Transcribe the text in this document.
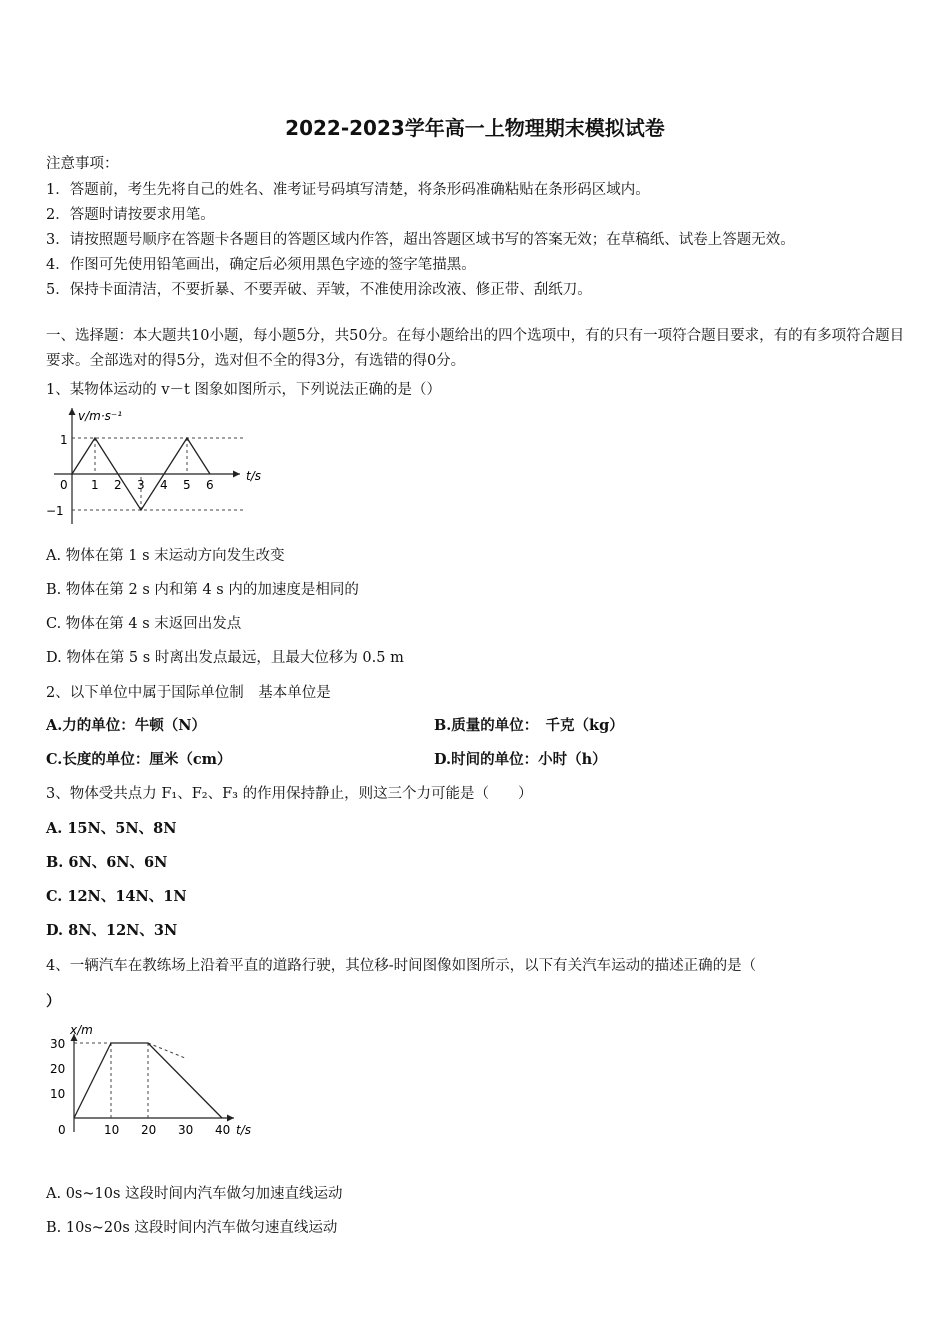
2022-2023学年高一上物理期末模拟试卷
注意事项：
1．答题前，考生先将自己的姓名、准考证号码填写清楚，将条形码准确粘贴在条形码区域内。
2．答题时请按要求用笔。
3．请按照题号顺序在答题卡各题目的答题区域内作答，超出答题区域书写的答案无效；在草稿纸、试卷上答题无效。
4．作图可先使用铅笔画出，确定后必须用黑色字迹的签字笔描黑。
5．保持卡面清洁，不要折暴、不要弄破、弄皱，不准使用涂改液、修正带、刮纸刀。
一、选择题：本大题共10小题，每小题5分，共50分。在每小题给出的四个选项中，有的只有一项符合题目要求，有的有多项符合题目要求。全部选对的得5分，选对但不全的得3分，有选错的得0分。
1、某物体运动的 v－t 图象如图所示，下列说法正确的是（）
v/m·s⁻¹
t/s
1
−1
0 1 2 3 4 5 6
A. 物体在第 1 s 末运动方向发生改变
B. 物体在第 2 s 内和第 4 s 内的加速度是相同的
C. 物体在第 4 s 末返回出发点
D. 物体在第 5 s 时离出发点最远，且最大位移为 0.5 m
2、以下单位中属于国际单位制　基本单位是
A.力的单位：牛顿（N）	B.质量的单位：　千克（kg）
C.长度的单位：厘米（cm）	D.时间的单位：小时（h）
3、物体受共点力 F₁、F₂、F₃ 的作用保持静止，则这三个力可能是（　　）
A. 15N、5N、8N
B. 6N、6N、6N
C. 12N、14N、1N
D. 8N、12N、3N
4、一辆汽车在教练场上沿着平直的道路行驶，其位移-时间图像如图所示，以下有关汽车运动的描述正确的是（
）
x/m
t/s
10
20
30
0	10 20 30 40
A. 0s~10s 这段时间内汽车做匀加速直线运动
B. 10s~20s 这段时间内汽车做匀速直线运动
